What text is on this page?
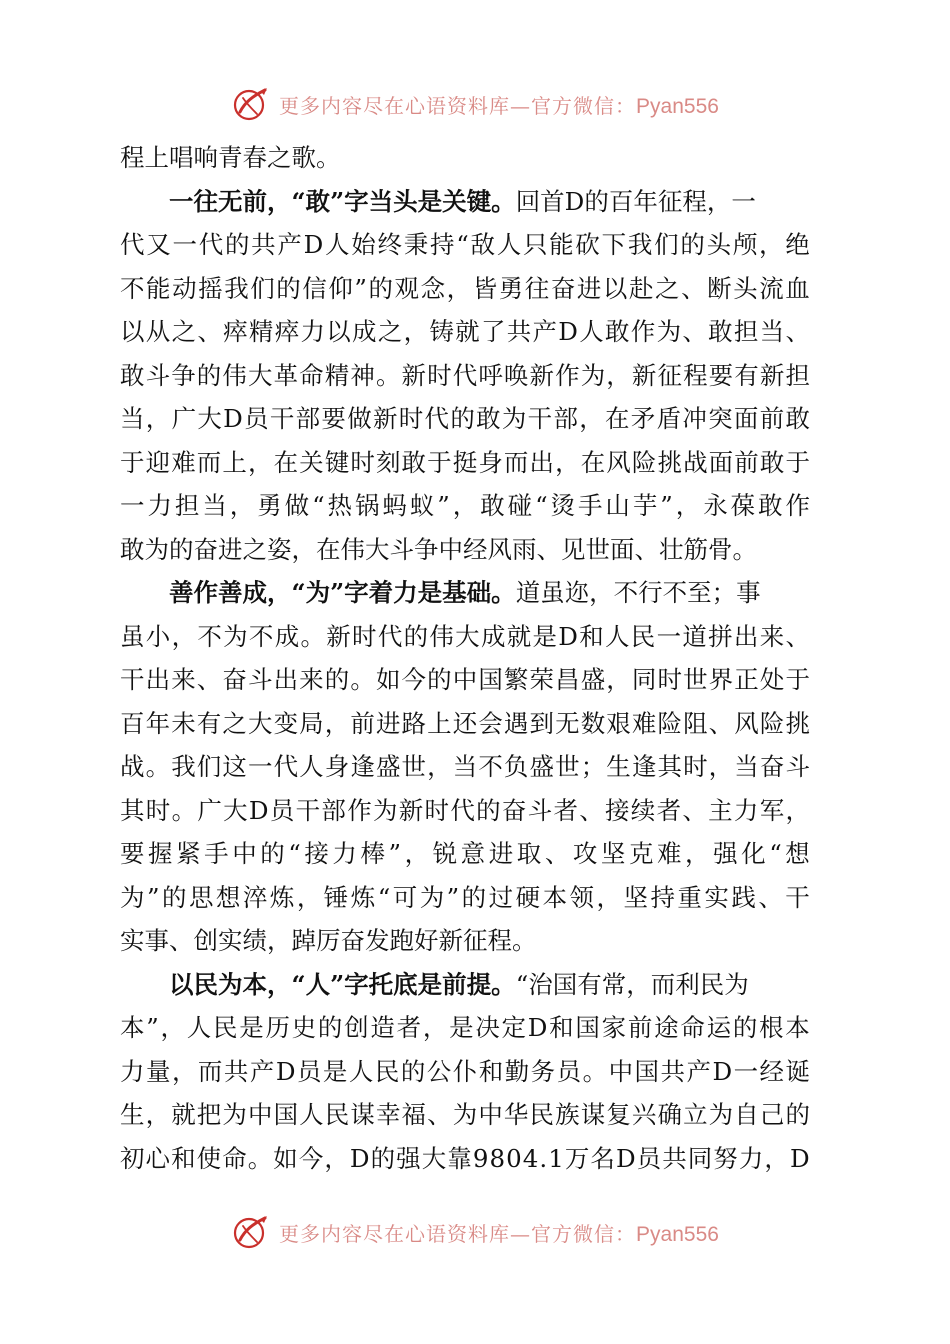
更多内容尽在心语资料库—官方微信：Pyan556
程上唱响青春之歌。
一往无前，“敢”字当头是关键。回首D的百年征程，一
代 又 一 代 的 共 产 D 人 始 终 秉 持 “ 敌 人 只 能 砍 下 我 们 的 头 颅 ， 绝
不 能 动 摇 我 们 的 信 仰 ” 的 观 念 ， 皆 勇 往 奋 进 以 赴 之 、 断 头 流 血
以 从 之 、 瘁 精 瘁 力 以 成 之 ， 铸 就 了 共 产 D 人 敢 作 为 、 敢 担 当 、
敢 斗 争 的 伟 大 革 命 精 神 。 新 时 代 呼 唤 新 作 为 ， 新 征 程 要 有 新 担
当 ， 广 大 D 员 干 部 要 做 新 时 代 的 敢 为 干 部 ， 在 矛 盾 冲 突 面 前 敢
于 迎 难 而 上 ， 在 关 键 时 刻 敢 于 挺 身 而 出 ， 在 风 险 挑 战 面 前 敢 于
一 力 担 当 ， 勇 做 “ 热 锅 蚂 蚁 ” ， 敢 碰 “ 烫 手 山 芋 ” ， 永 葆 敢 作
敢为的奋进之姿，在伟大斗争中经风雨、见世面、壮筋骨。
善作善成，“为”字着力是基础。道虽迩，不行不至；事
虽 小 ， 不 为 不 成 。 新 时 代 的 伟 大 成 就 是 D 和 人 民 一 道 拼 出 来 、
干 出 来 、 奋 斗 出 来 的 。 如 今 的 中 国 繁 荣 昌 盛 ， 同 时 世 界 正 处 于
百 年 未 有 之 大 变 局 ， 前 进 路 上 还 会 遇 到 无 数 艰 难 险 阻 、 风 险 挑
战 。 我 们 这 一 代 人 身 逢 盛 世 ， 当 不 负 盛 世 ； 生 逢 其 时 ， 当 奋 斗
其 时 。 广 大 D 员 干 部 作 为 新 时 代 的 奋 斗 者 、 接 续 者 、 主 力 军 ，
要 握 紧 手 中 的 “ 接 力 棒 ” ， 锐 意 进 取 、 攻 坚 克 难 ， 强 化 “ 想
为 ” 的 思 想 淬 炼 ， 锤 炼 “ 可 为 ” 的 过 硬 本 领 ， 坚 持 重 实 践 、 干
实事、创实绩，踔厉奋发跑好新征程。
以民为本，“人”字托底是前提。“治国有常，而利民为
本 ” ， 人 民 是 历 史 的 创 造 者 ， 是 决 定 D 和 国 家 前 途 命 运 的 根 本
力 量 ， 而 共 产 D 员 是 人 民 的 公 仆 和 勤 务 员 。 中 国 共 产 D 一 经 诞
生 ， 就 把 为 中 国 人 民 谋 幸 福 、 为 中 华 民 族 谋 复 兴 确 立 为 自 己 的
初 心 和 使 命 。 如 今 ， D 的 强 大 靠 9 8 0 4 . 1 万 名 D 员 共 同 努 力 ， D
更多内容尽在心语资料库—官方微信：Pyan556
